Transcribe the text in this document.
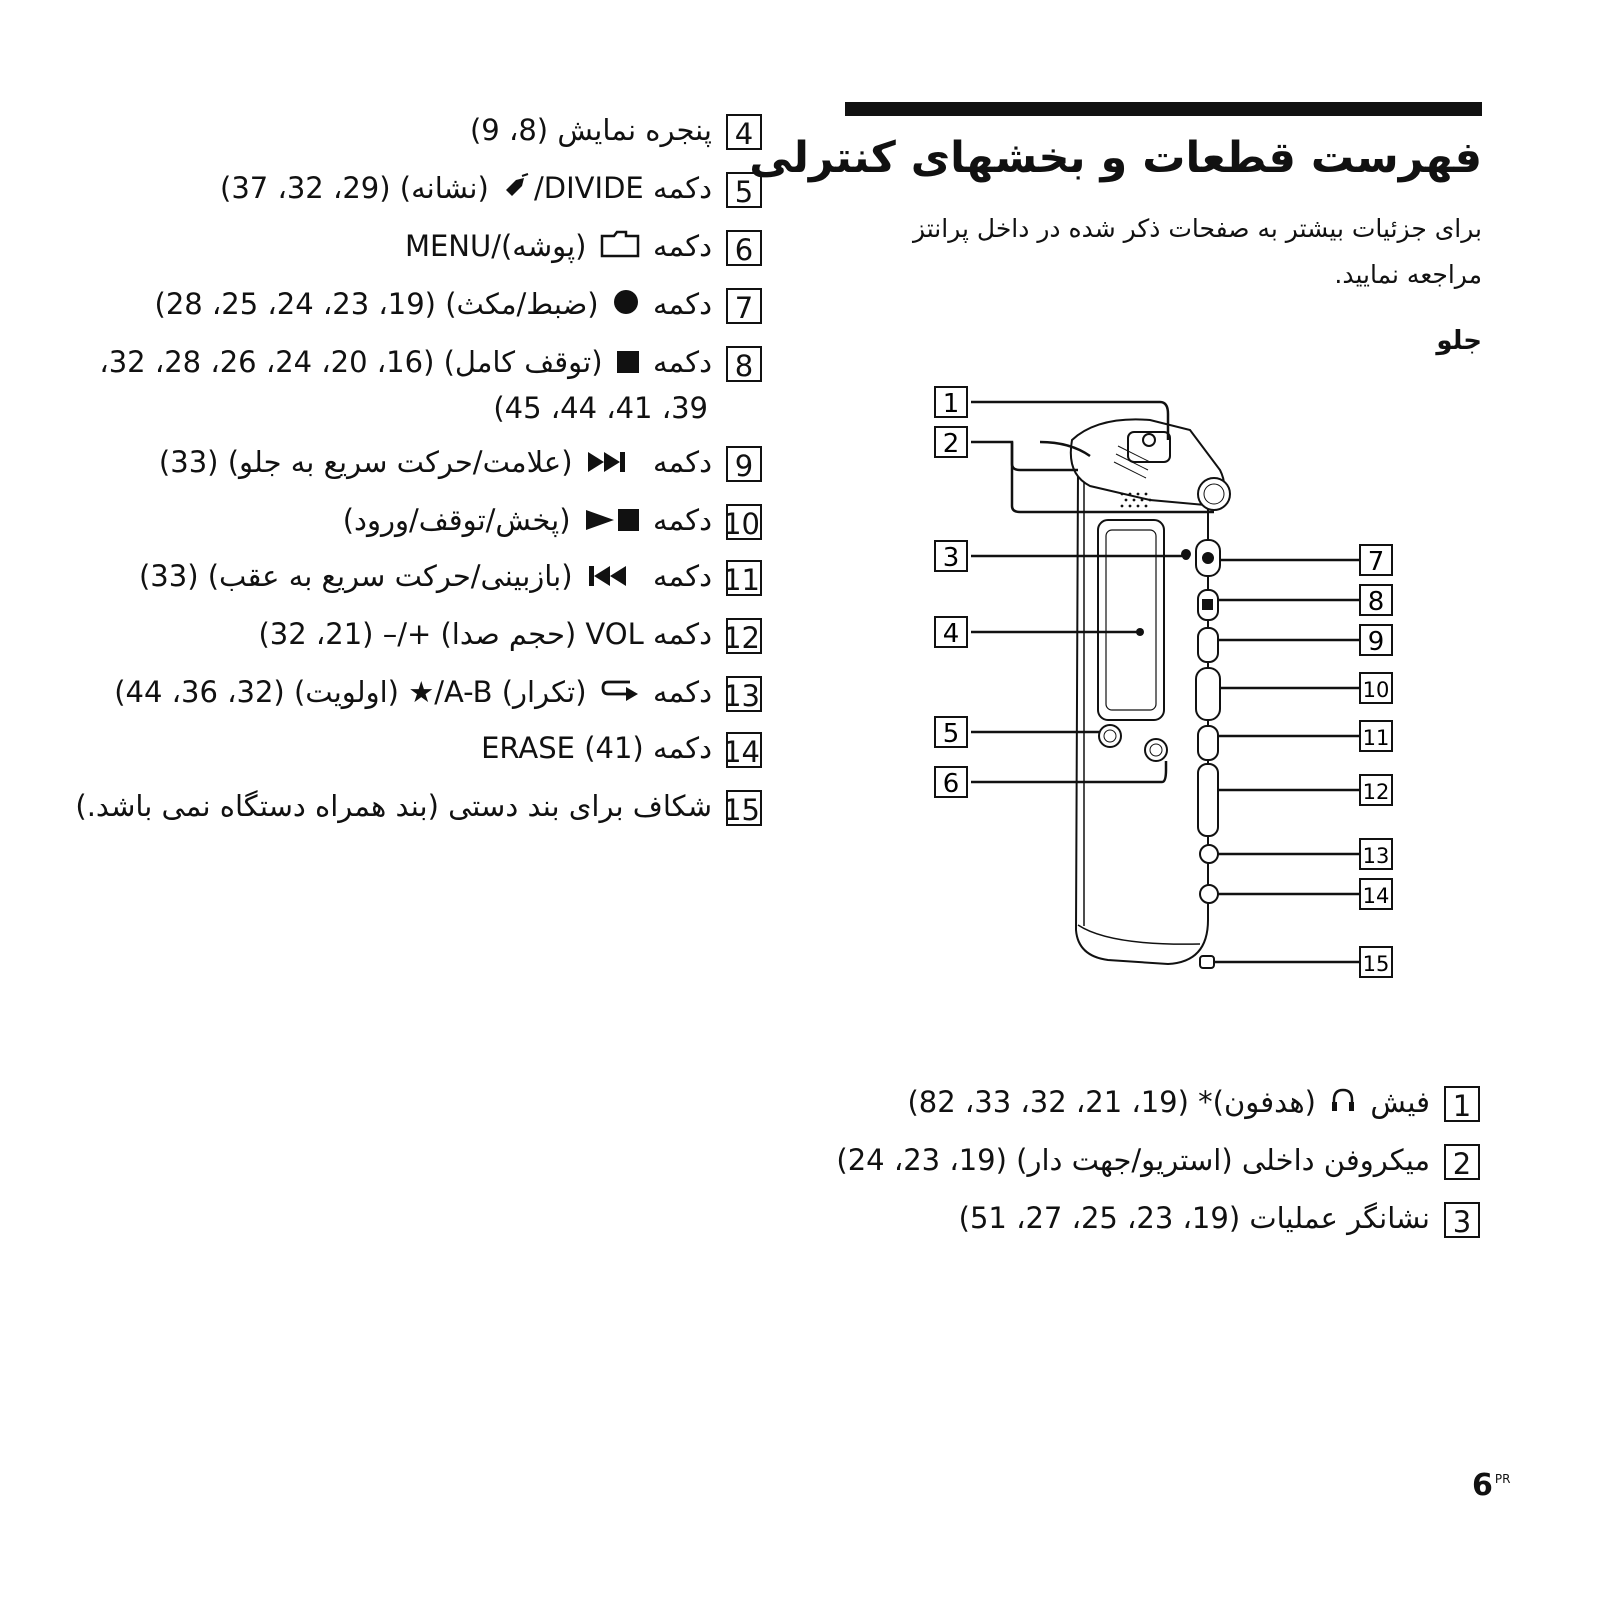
فهرست قطعات و بخشهای کنترلی
برای جزئیات بیشتر به صفحات ذکر شده در داخل پرانتز مراجعه نمایید.
جلو
1
2
3
4
5
6
7
8
9
10
11
12
13
14
15
4پنجره نمایش (8، 9)
5دکمه DIVIDE/ (نشانه) (29، 32، 37)
6دکمه  (پوشه)/MENU
7دکمه  (ضبط/مکث) (19، 23، 24، 25، 28)
8دکمه  (توقف کامل) (16، 20، 24، 26، 28، 32،
39، 41، 44، 45)
9دکمه  (علامت/حرکت سریع به جلو) (33)
10دکمه  (پخش/توقف/ورود)
11دکمه  (بازبینی/حرکت سریع به عقب) (33)
12دکمه VOL (حجم صدا) +/– (21، 32)
13دکمه  (تکرار) A-B/★ (اولویت) (32، 36، 44)
14دکمه ERASE (41)
15شکاف برای بند دستی (بند همراه دستگاه نمی باشد.)
1فیش  (هدفون)* (19، 21، 32، 33، 82)
2میکروفن داخلی (استریو/جهت دار) (19، 23، 24)
3نشانگر عملیات (19، 23، 25، 27، 51)
6 $^{PR}$
